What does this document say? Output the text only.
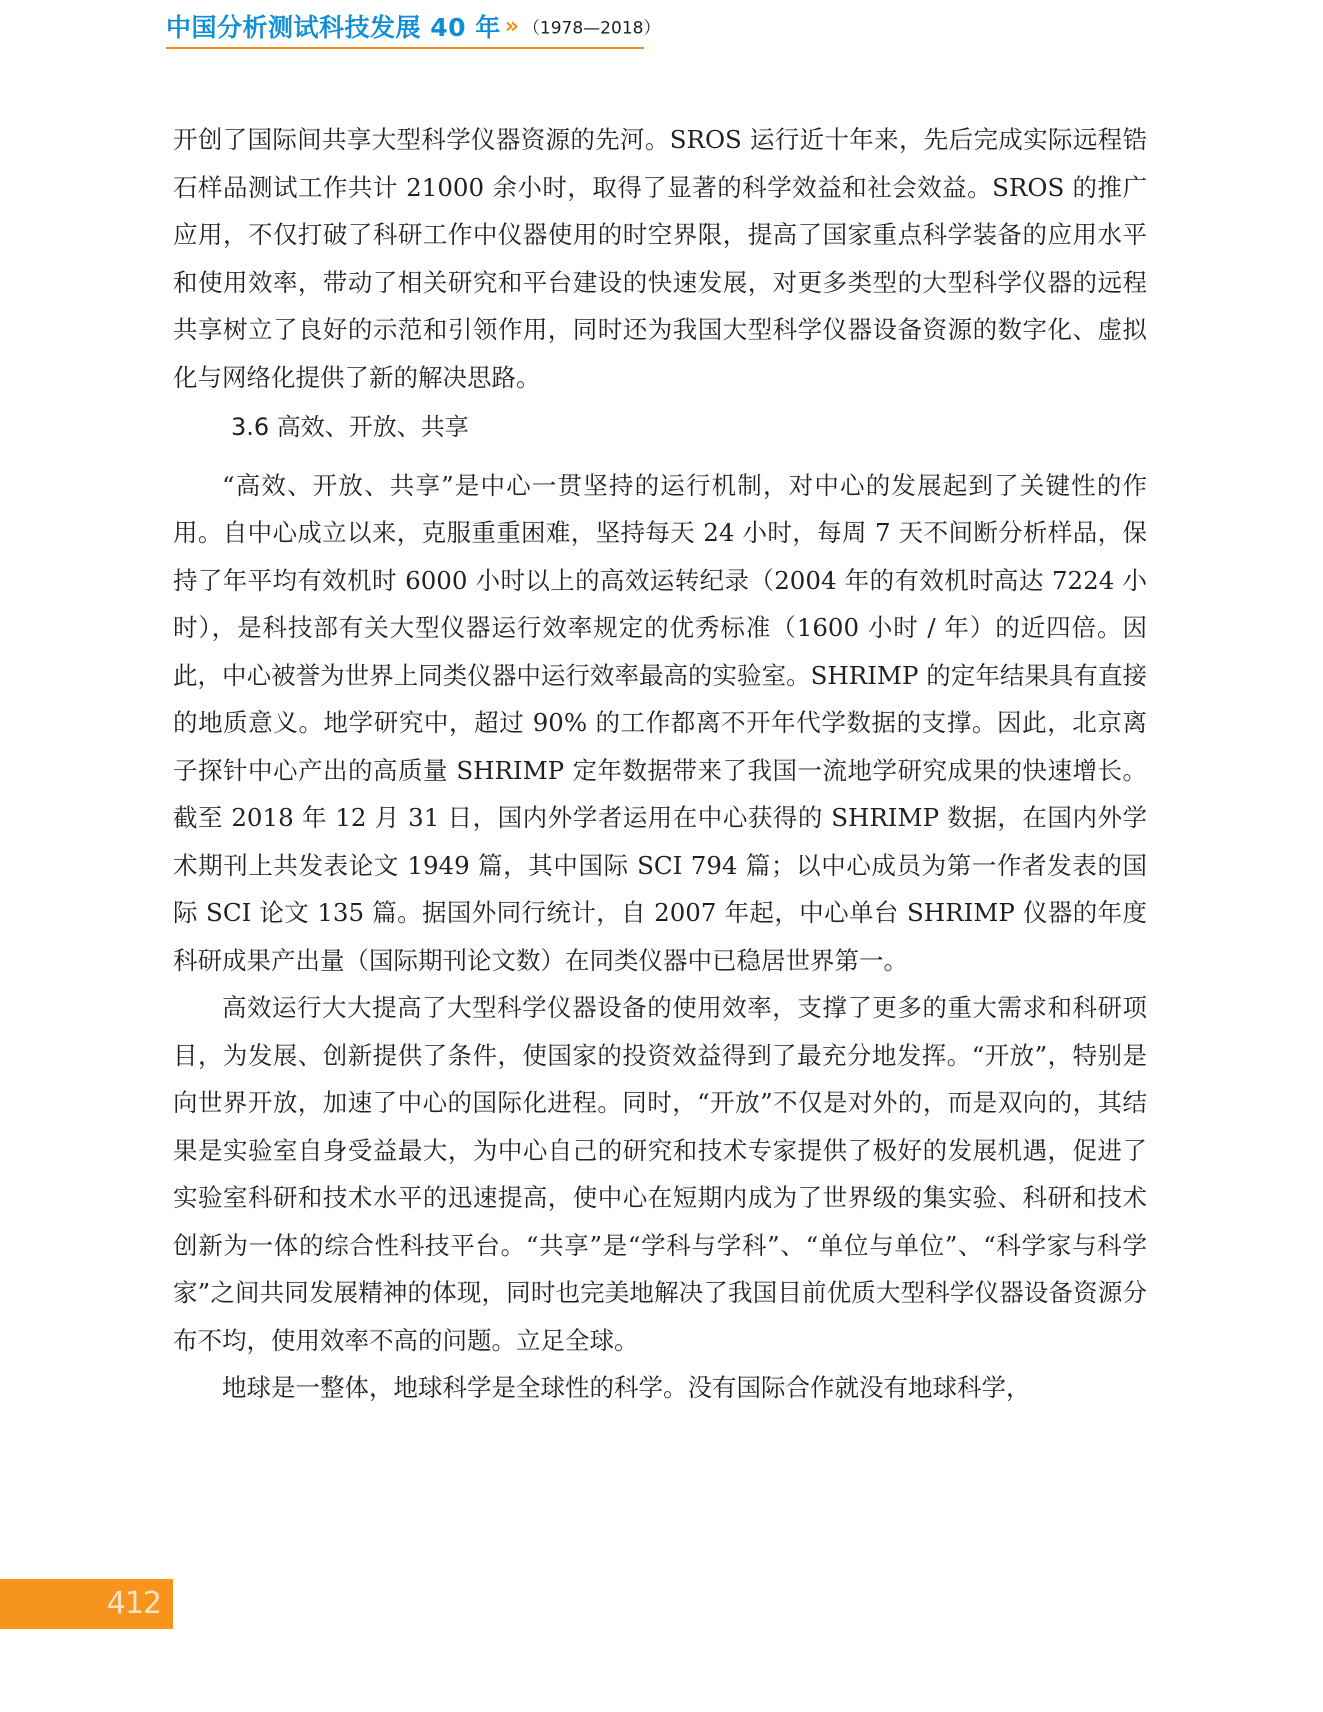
中国分析测试科技发展 40 年 » （1978—2018）

开创了国际间共享大型科学仪器资源的先河。SROS 运行近十年来，先后完成实际远程锆石样品测试工作共计 21000 余小时，取得了显著的科学效益和社会效益。SROS 的推广应用，不仅打破了科研工作中仪器使用的时空界限，提高了国家重点科学装备的应用水平和使用效率，带动了相关研究和平台建设的快速发展，对更多类型的大型科学仪器的远程共享树立了良好的示范和引领作用，同时还为我国大型科学仪器设备资源的数字化、虚拟化与网络化提供了新的解决思路。

3.6 高效、开放、共享

“高效、开放、共享”是中心一贯坚持的运行机制，对中心的发展起到了关键性的作用。自中心成立以来，克服重重困难，坚持每天 24 小时，每周 7 天不间断分析样品，保持了年平均有效机时 6000 小时以上的高效运转纪录（2004 年的有效机时高达 7224 小时），是科技部有关大型仪器运行效率规定的优秀标准（1600 小时 / 年）的近四倍。因此，中心被誉为世界上同类仪器中运行效率最高的实验室。SHRIMP 的定年结果具有直接的地质意义。地学研究中，超过 90% 的工作都离不开年代学数据的支撑。因此，北京离子探针中心产出的高质量 SHRIMP 定年数据带来了我国一流地学研究成果的快速增长。截至 2018 年 12 月 31 日，国内外学者运用在中心获得的 SHRIMP 数据，在国内外学术期刊上共发表论文 1949 篇，其中国际 SCI 794 篇；以中心成员为第一作者发表的国际 SCI 论文 135 篇。据国外同行统计，自 2007 年起，中心单台 SHRIMP 仪器的年度科研成果产出量（国际期刊论文数）在同类仪器中已稳居世界第一。

高效运行大大提高了大型科学仪器设备的使用效率，支撑了更多的重大需求和科研项目，为发展、创新提供了条件，使国家的投资效益得到了最充分地发挥。“开放”，特别是向世界开放，加速了中心的国际化进程。同时，“开放”不仅是对外的，而是双向的，其结果是实验室自身受益最大，为中心自己的研究和技术专家提供了极好的发展机遇，促进了实验室科研和技术水平的迅速提高，使中心在短期内成为了世界级的集实验、科研和技术创新为一体的综合性科技平台。“共享”是“学科与学科”、“单位与单位”、“科学家与科学家”之间共同发展精神的体现，同时也完美地解决了我国目前优质大型科学仪器设备资源分布不均，使用效率不高的问题。立足全球。

地球是一整体，地球科学是全球性的科学。没有国际合作就没有地球科学，

412
